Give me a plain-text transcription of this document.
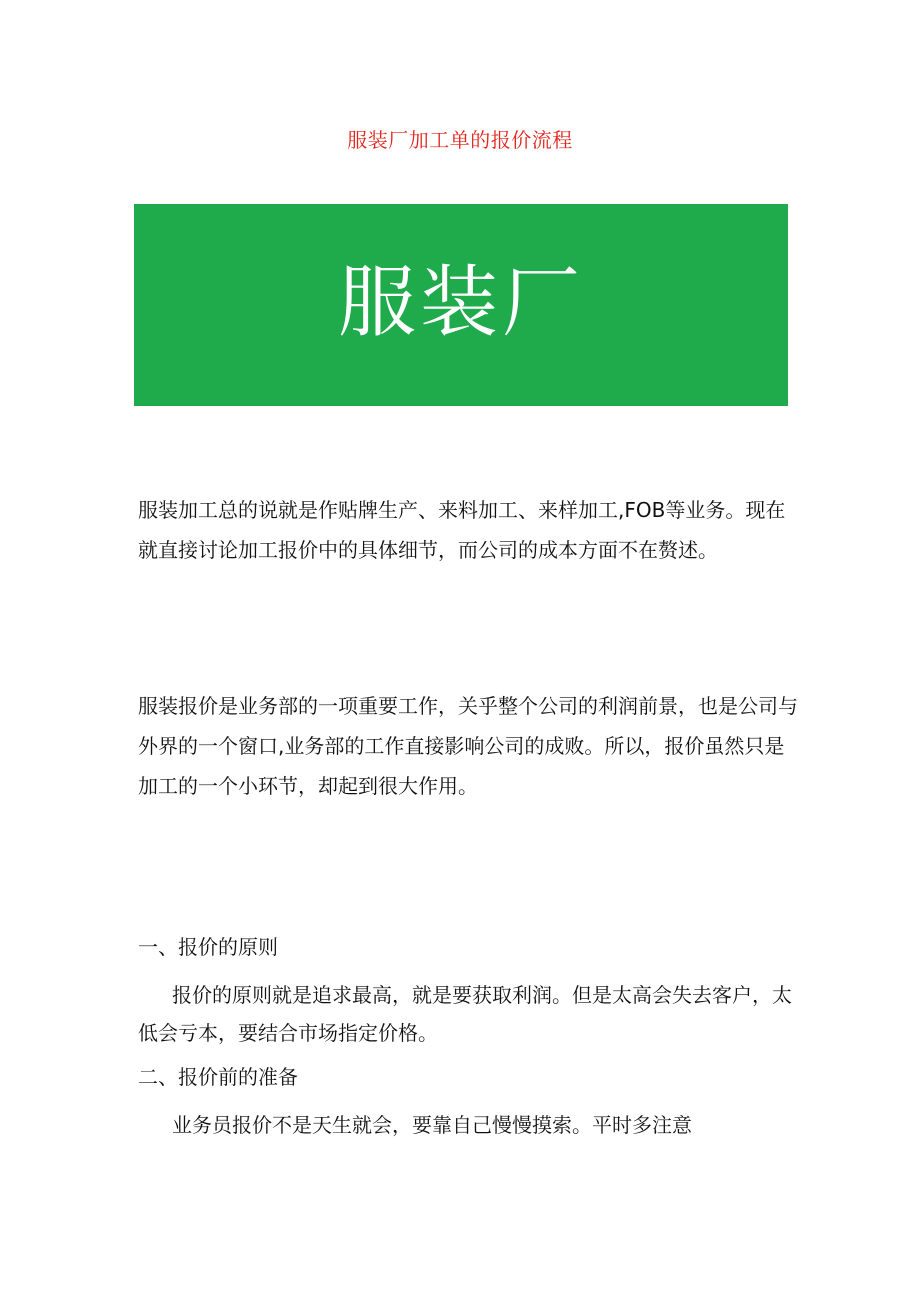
服装厂加工单的报价流程
服装厂

服装加工总的说就是作贴牌生产、来料加工、来样加工,FOB等业务。现在就直接讨论加工报价中的具体细节，而公司的成本方面不在赘述。

服装报价是业务部的一项重要工作，关乎整个公司的利润前景，也是公司与外界的一个窗口,业务部的工作直接影响公司的成败。所以，报价虽然只是加工的一个小环节，却起到很大作用。

一、报价的原则

报价的原则就是追求最高，就是要获取利润。但是太高会失去客户，太低会亏本，要结合市场指定价格。

二、报价前的准备

业务员报价不是天生就会，要靠自己慢慢摸索。平时多注意
